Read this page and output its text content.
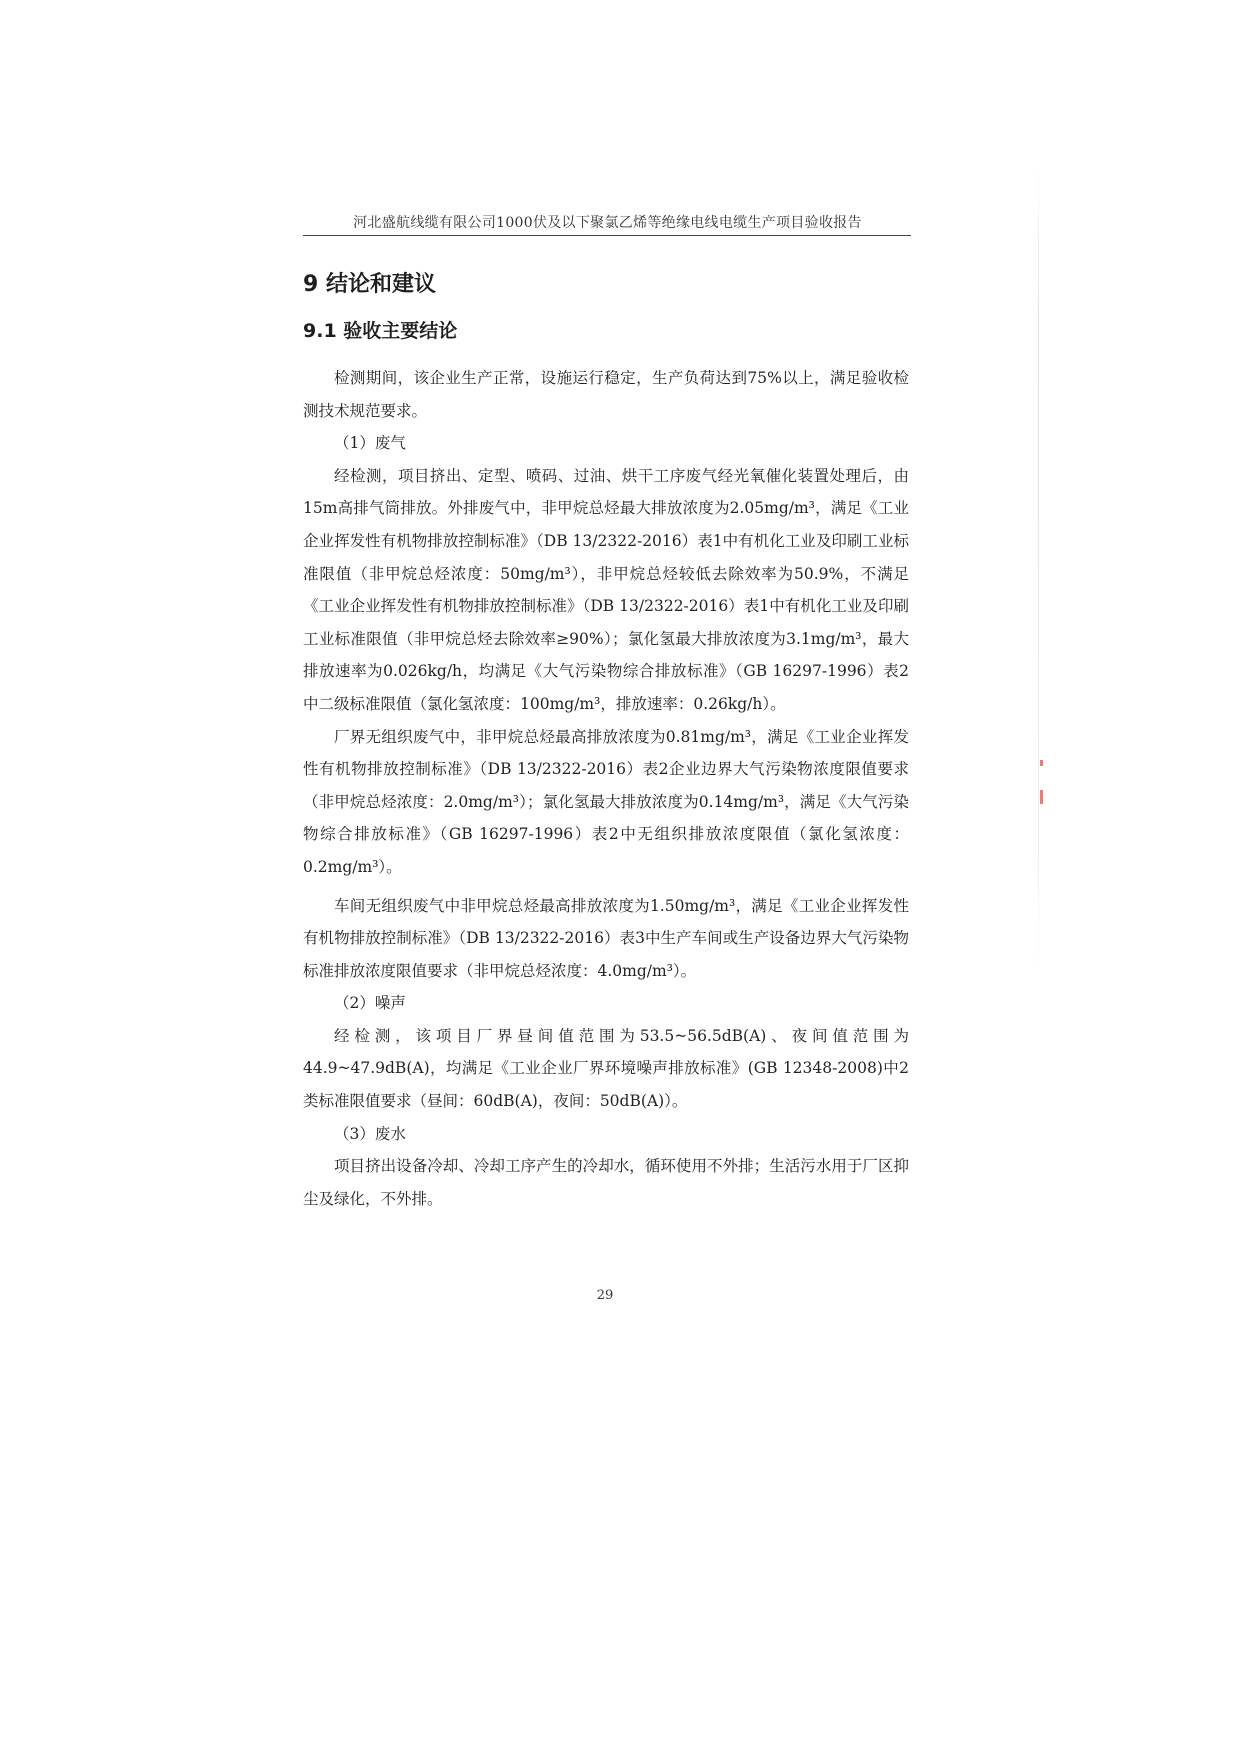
河北盛航线缆有限公司1000伏及以下聚氯乙烯等绝缘电线电缆生产项目验收报告
9 结论和建议
9.1 验收主要结论

检测期间，该企业生产正常，设施运行稳定，生产负荷达到75%以上，满足验收检测技术规范要求。

（1）废气

经检测，项目挤出、定型、喷码、过油、烘干工序废气经光氧催化装置处理后，由15m高排气筒排放。外排废气中，非甲烷总烃最大排放浓度为2.05mg/m³，满足《工业企业挥发性有机物排放控制标准》（DB 13/2322-2016）表1中有机化工业及印刷工业标准限值（非甲烷总烃浓度：50mg/m³），非甲烷总烃较低去除效率为50.9%，不满足《工业企业挥发性有机物排放控制标准》（DB 13/2322-2016）表1中有机化工业及印刷工业标准限值（非甲烷总烃去除效率≥90%）；氯化氢最大排放浓度为3.1mg/m³，最大排放速率为0.026kg/h，均满足《大气污染物综合排放标准》（GB 16297-1996）表2中二级标准限值（氯化氢浓度：100mg/m³，排放速率：0.26kg/h）。

厂界无组织废气中，非甲烷总烃最高排放浓度为0.81mg/m³，满足《工业企业挥发性有机物排放控制标准》（DB 13/2322-2016）表2企业边界大气污染物浓度限值要求（非甲烷总烃浓度：2.0mg/m³）；氯化氢最大排放浓度为0.14mg/m³，满足《大气污染物综合排放标准》（GB 16297-1996）表2中无组织排放浓度限值（氯化氢浓度：0.2mg/m³）。

车间无组织废气中非甲烷总烃最高排放浓度为1.50mg/m³，满足《工业企业挥发性有机物排放控制标准》（DB 13/2322-2016）表3中生产车间或生产设备边界大气污染物标准排放浓度限值要求（非甲烷总烃浓度：4.0mg/m³）。

（2）噪声

经检测，该项目厂界昼间值范围为53.5~56.5dB(A)、夜间值范围为44.9~47.9dB(A)，均满足《工业企业厂界环境噪声排放标准》(GB 12348-2008)中2类标准限值要求（昼间：60dB(A)，夜间：50dB(A)）。

（3）废水

项目挤出设备冷却、冷却工序产生的冷却水，循环使用不外排；生活污水用于厂区抑尘及绿化，不外排。

29
